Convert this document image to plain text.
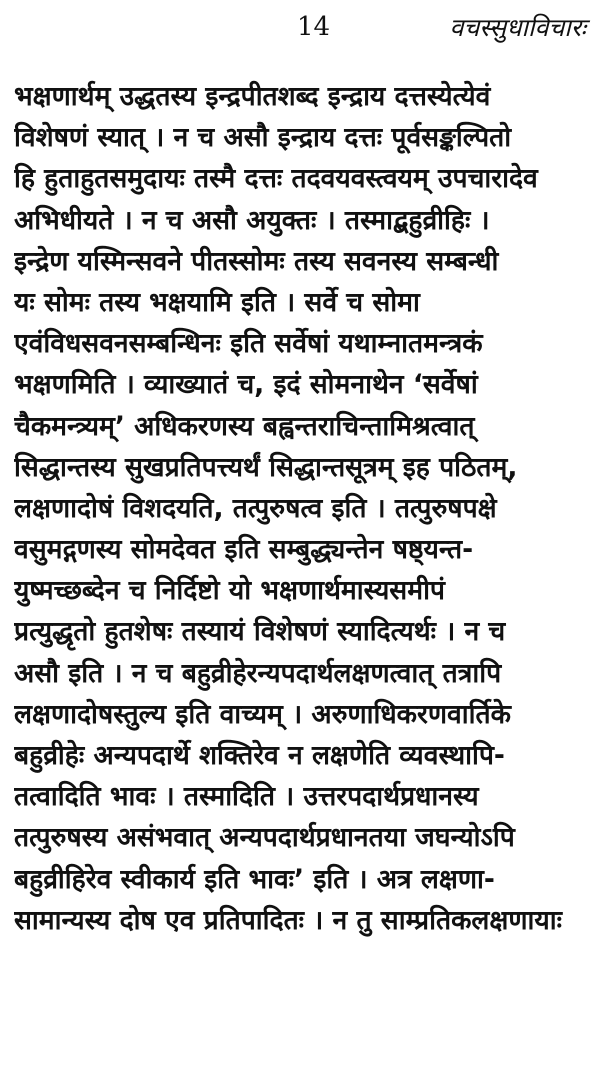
14	वचस्सुधाविचारः
भक्षणार्थम् उद्धतस्य इन्द्रपीतशब्द इन्द्राय दत्तस्येत्येवं
विशेषणं स्यात् । न च असौ इन्द्राय दत्तः पूर्वसङ्कल्पितो
हि हुताहुतसमुदायः तस्मै दत्तः तदवयवस्त्वयम् उपचारादेव
अभिधीयते । न च असौ अयुक्तः । तस्माद्बहुव्रीहिः ।
इन्द्रेण यस्मिन्सवने पीतस्सोमः तस्य सवनस्य सम्बन्धी
यः सोमः तस्य भक्षयामि इति । सर्वे च सोमा
एवंविधसवनसम्बन्धिनः इति सर्वेषां यथाम्नातमन्त्रकं
भक्षणमिति । व्याख्यातं च, इदं सोमनाथेन ‘सर्वेषां
चैकमन्त्र्यम्’ अधिकरणस्य बह्वन्तराचिन्तामिश्रत्वात्
सिद्धान्तस्य सुखप्रतिपत्त्यर्थं सिद्धान्तसूत्रम् इह पठितम्,
लक्षणादोषं विशदयति, तत्पुरुषत्व इति । तत्पुरुषपक्षे
वसुमद्गणस्य सोमदेवत इति सम्बुद्ध्यन्तेन षष्ठ्यन्त-
युष्मच्छब्देन च निर्दिष्टो यो भक्षणार्थमास्यसमीपं
प्रत्युद्धृतो हुतशेषः तस्यायं विशेषणं स्यादित्यर्थः । न च
असौ इति । न च बहुव्रीहेरन्यपदार्थलक्षणत्वात् तत्रापि
लक्षणादोषस्तुल्य इति वाच्यम् । अरुणाधिकरणवार्तिके
बहुव्रीहेः अन्यपदार्थे शक्तिरेव न लक्षणेति व्यवस्थापि-
तत्वादिति भावः । तस्मादिति । उत्तरपदार्थप्रधानस्य
तत्पुरुषस्य असंभवात् अन्यपदार्थप्रधानतया जघन्योऽपि
बहुव्रीहिरेव स्वीकार्य इति भावः’ इति । अत्र लक्षणा-
सामान्यस्य दोष एव प्रतिपादितः । न तु साम्प्रतिकलक्षणायाः
